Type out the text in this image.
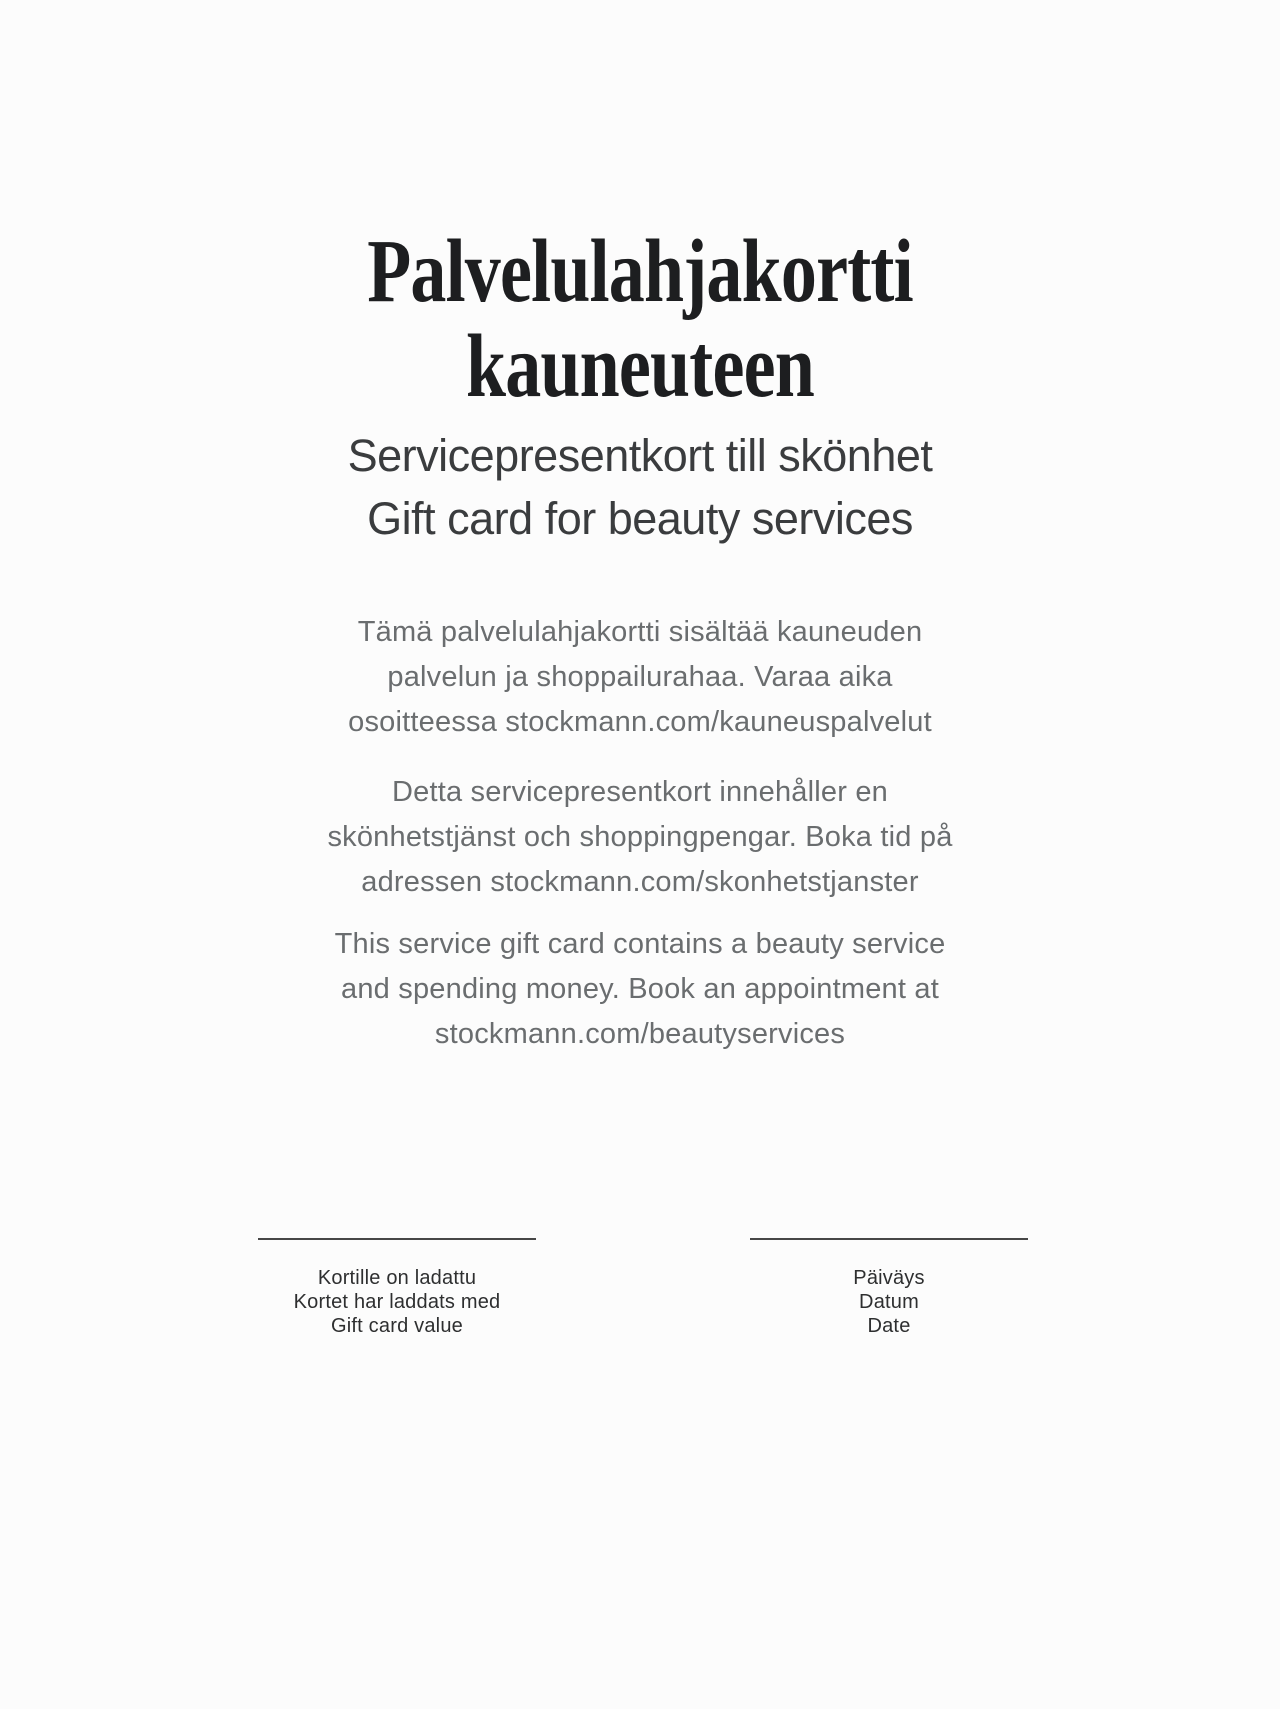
Palvelulahjakortti
kauneuteen
Servicepresentkort till skönhet
Gift card for beauty services
Tämä palvelulahjakortti sisältää kauneuden
palvelun ja shoppailurahaa. Varaa aika
osoitteessa stockmann.com/kauneuspalvelut
Detta servicepresentkort innehåller en
skönhetstjänst och shoppingpengar. Boka tid på
adressen stockmann.com/skonhetstjanster
This service gift card contains a beauty service
and spending money. Book an appointment at
stockmann.com/beautyservices
Kortille on ladattu
Kortet har laddats med
Gift card value
Päiväys
Datum
Date
